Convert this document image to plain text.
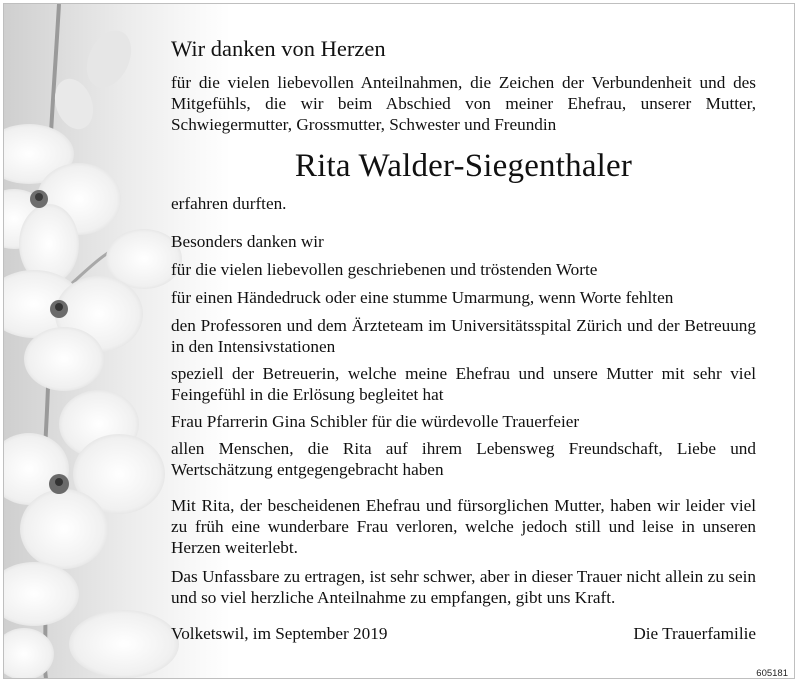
Wir danken von Herzen

für die vielen liebevollen Anteilnahmen, die Zeichen der Verbundenheit und des Mitgefühls, die wir beim Abschied von meiner Ehefrau, unserer Mutter, Schwiegermutter, Grossmutter, Schwester und Freundin

Rita Walder-Siegenthaler

erfahren durften.

Besonders danken wir

für die vielen liebevollen geschriebenen und tröstenden Worte

für einen Händedruck oder eine stumme Umarmung, wenn Worte fehlten

den Professoren und dem Ärzteteam im Universitätsspital Zürich und der Betreuung in den Intensivstationen

speziell der Betreuerin, welche meine Ehefrau und unsere Mutter mit sehr viel Feingefühl in die Erlösung begleitet hat

Frau Pfarrerin Gina Schibler für die würdevolle Trauerfeier

allen Menschen, die Rita auf ihrem Lebensweg Freundschaft, Liebe und Wertschätzung entgegengebracht haben

Mit Rita, der bescheidenen Ehefrau und fürsorglichen Mutter, haben wir leider viel zu früh eine wunderbare Frau verloren, welche jedoch still und leise in unseren Herzen weiterlebt.

Das Unfassbare zu ertragen, ist sehr schwer, aber in dieser Trauer nicht allein zu sein und so viel herzliche Anteilnahme zu empfangen, gibt uns Kraft.

Volketswil, im September 2019	Die Trauerfamilie
605181
